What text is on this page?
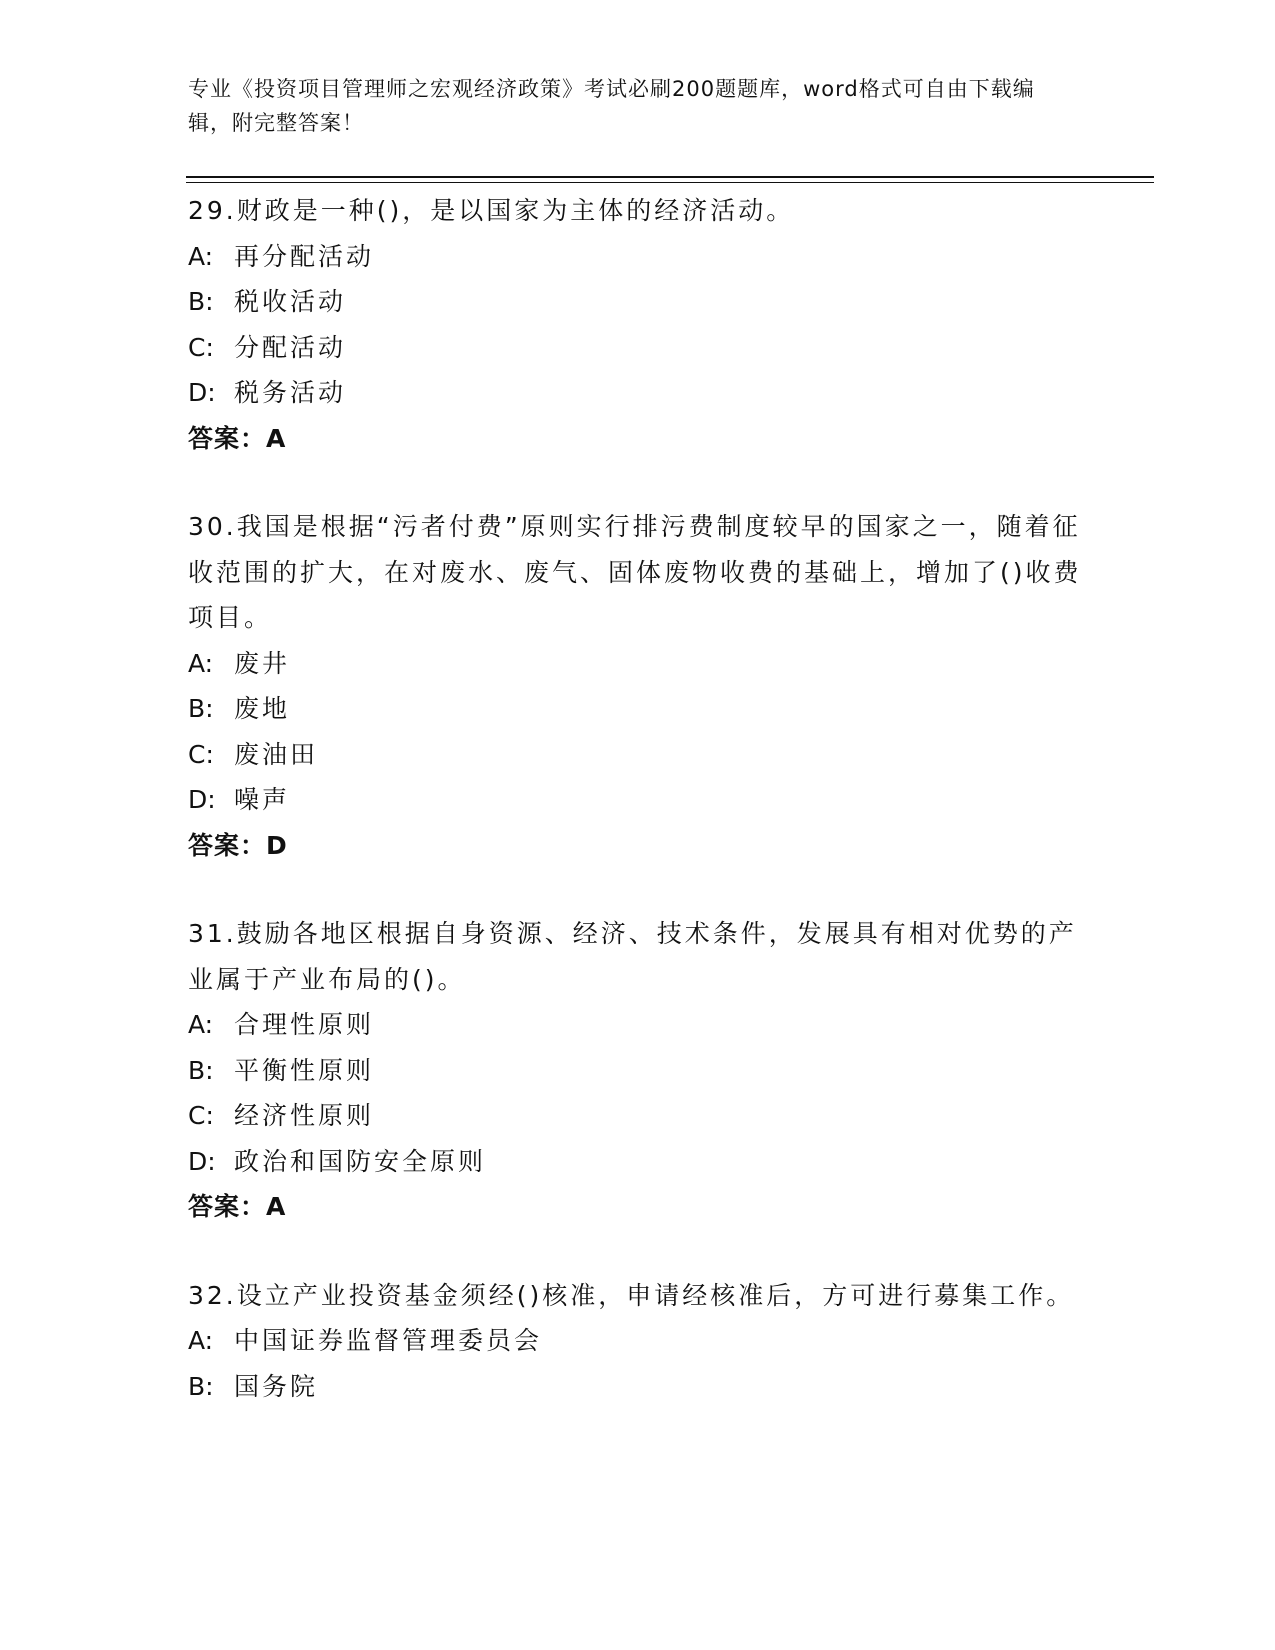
专业《投资项目管理师之宏观经济政策》考试必刷200题题库，word格式可自由下载编辑，附完整答案！
29.财政是一种()，是以国家为主体的经济活动。
A: 再分配活动
B: 税收活动
C: 分配活动
D: 税务活动
答案：A
30.我国是根据“污者付费”原则实行排污费制度较早的国家之一，随着征收范围的扩大，在对废水、废气、固体废物收费的基础上，增加了()收费项目。
A: 废井
B: 废地
C: 废油田
D: 噪声
答案：D
31.鼓励各地区根据自身资源、经济、技术条件，发展具有相对优势的产业属于产业布局的()。
A: 合理性原则
B: 平衡性原则
C: 经济性原则
D: 政治和国防安全原则
答案：A
32.设立产业投资基金须经()核准，申请经核准后，方可进行募集工作。
A: 中国证券监督管理委员会
B: 国务院
